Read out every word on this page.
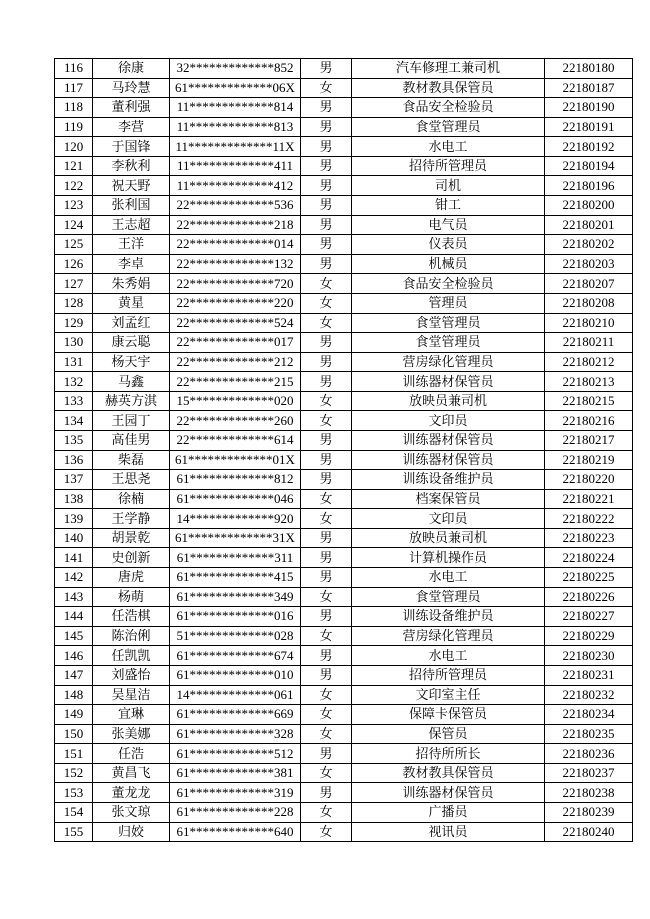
116	徐康	32*************852	男	汽车修理工兼司机	22180180
117	马玲慧	61*************06X	女	教材教具保管员	22180187
118	董利强	11*************814	男	食品安全检验员	22180190
119	李营	11*************813	男	食堂管理员	22180191
120	于国锋	11*************11X	男	水电工	22180192
121	李秋利	11*************411	男	招待所管理员	22180194
122	祝天野	11*************412	男	司机	22180196
123	张利国	22*************536	男	钳工	22180200
124	王志超	22*************218	男	电气员	22180201
125	王洋	22*************014	男	仪表员	22180202
126	李卓	22*************132	男	机械员	22180203
127	朱秀娟	22*************720	女	食品安全检验员	22180207
128	黄星	22*************220	女	管理员	22180208
129	刘孟红	22*************524	女	食堂管理员	22180210
130	康云聪	22*************017	男	食堂管理员	22180211
131	杨天宇	22*************212	男	营房绿化管理员	22180212
132	马鑫	22*************215	男	训练器材保管员	22180213
133	赫英方淇	15*************020	女	放映员兼司机	22180215
134	王园丁	22*************260	女	文印员	22180216
135	高佳男	22*************614	男	训练器材保管员	22180217
136	柴磊	61*************01X	男	训练器材保管员	22180219
137	王思尧	61*************812	男	训练设备维护员	22180220
138	徐楠	61*************046	女	档案保管员	22180221
139	王学静	14*************920	女	文印员	22180222
140	胡景乾	61*************31X	男	放映员兼司机	22180223
141	史创新	61*************311	男	计算机操作员	22180224
142	唐虎	61*************415	男	水电工	22180225
143	杨萌	61*************349	女	食堂管理员	22180226
144	任浩棋	61*************016	男	训练设备维护员	22180227
145	陈治俐	51*************028	女	营房绿化管理员	22180229
146	任凯凯	61*************674	男	水电工	22180230
147	刘盛怡	61*************010	男	招待所管理员	22180231
148	吴星洁	14*************061	女	文印室主任	22180232
149	宜琳	61*************669	女	保障卡保管员	22180234
150	张美娜	61*************328	女	保管员	22180235
151	任浩	61*************512	男	招待所所长	22180236
152	黄昌飞	61*************381	女	教材教具保管员	22180237
153	董龙龙	61*************319	男	训练器材保管员	22180238
154	张文琼	61*************228	女	广播员	22180239
155	归姣	61*************640	女	视讯员	22180240
